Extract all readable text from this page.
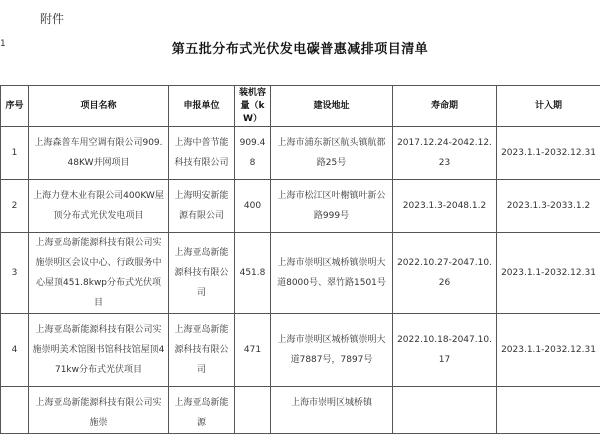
附件
1	第五批分布式光伏发电碳普惠减排项目清单
序号	项目名称	申报单位	装机容量（kW）	建设地址	寿命期	计入期
1	上海森普车用空调有限公司909.48KW并网项目	上海中普节能科技有限公司	909.48	上海市浦东新区航头镇航都路25号	2017.12.24-2042.12.23	2023.1.1-2032.12.31
2	上海力登木业有限公司400KW屋顶分布式光伏发电项目	上海明安新能源有限公司	400	上海市松江区叶榭镇叶新公路999号	2023.1.3-2048.1.2	2023.1.3-2033.1.2
3	上海亚岛新能源科技有限公司实施崇明区会议中心、行政服务中心屋顶451.8kwp分布式光伏项目	上海亚岛新能源科技有限公司	451.8	上海市崇明区城桥镇崇明大道8000号、翠竹路1501号	2022.10.27-2047.10.26	2023.1.1-2032.12.31
4	上海亚岛新能源科技有限公司实施崇明美术馆图书馆科技馆屋顶471kw分布式光伏项目	上海亚岛新能源科技有限公司	471	上海市崇明区城桥镇崇明大道7887号，7897号	2022.10.18-2047.10.17	2023.1.1-2032.12.31
	上海亚岛新能源科技有限公司实施崇	上海亚岛新能源		上海市崇明区城桥镇		
